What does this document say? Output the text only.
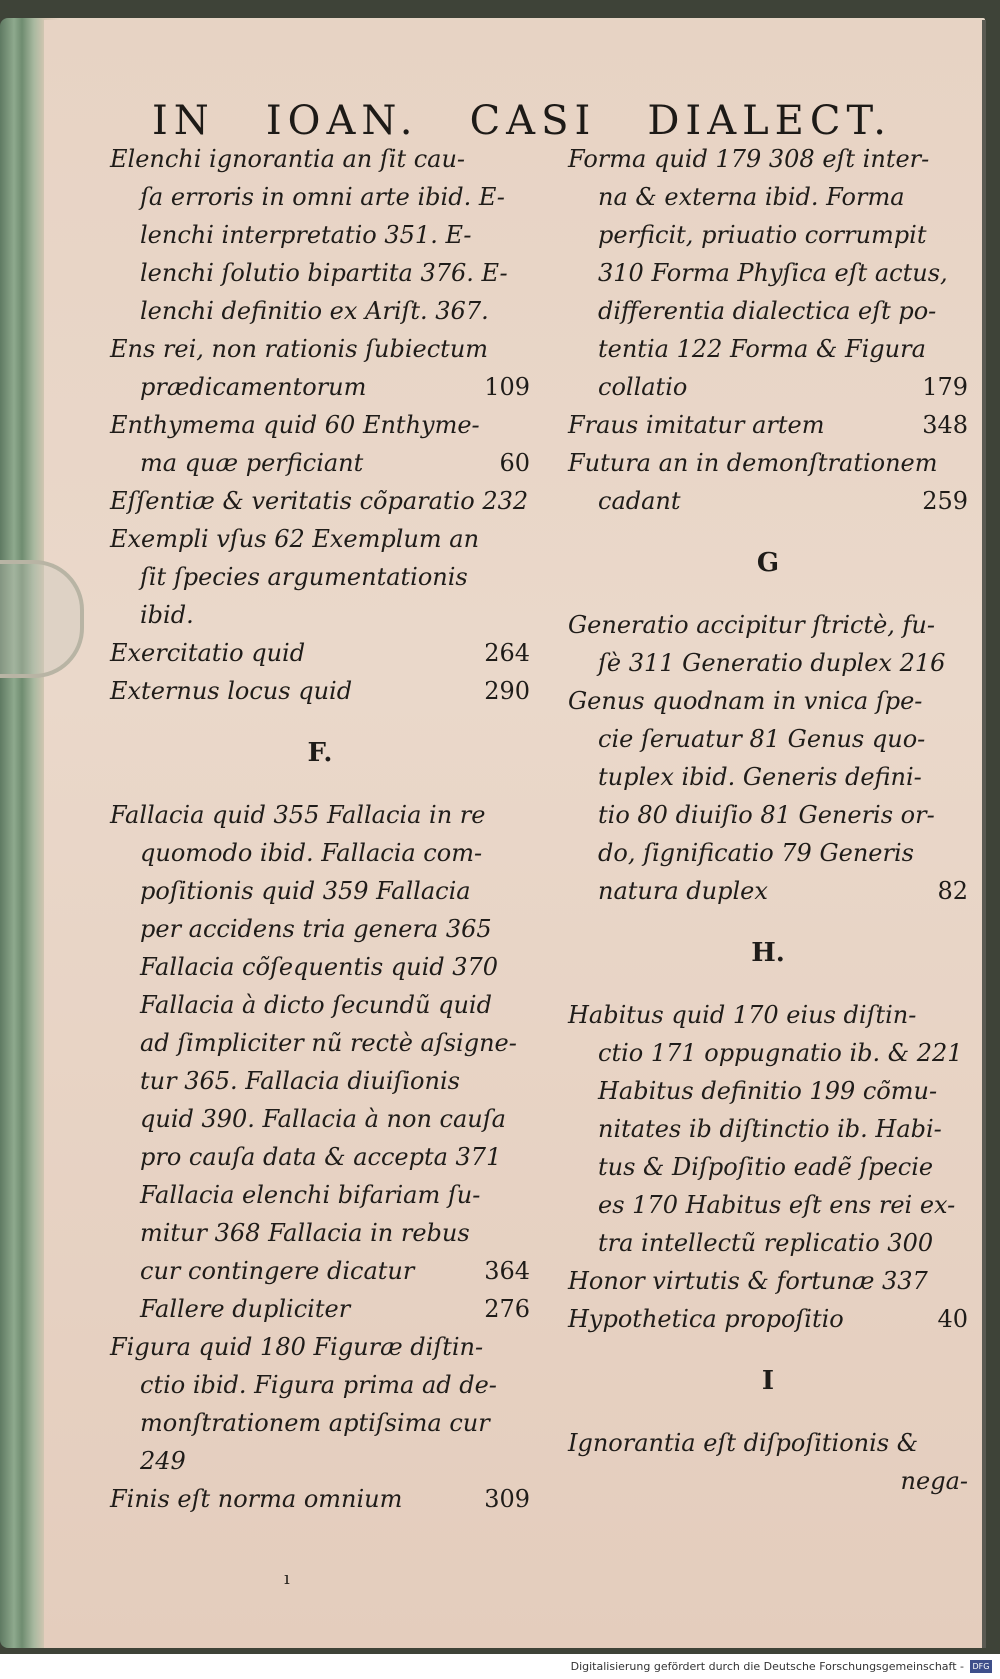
IN IOAN. CASI DIALECT.
Elenchi ignorantia an ſit cau-
ſa erroris in omni arte ibid. E-
lenchi interpretatio 351. E-
lenchi ſolutio bipartita 376. E-
lenchi definitio ex Ariſt. 367.
Ens rei, non rationis ſubiectum
prædicamentorum	109
Enthymema quid 60 Enthyme-
ma quæ perficiant	60
Eſſentiæ & veritatis cõparatio 232
Exempli vſus 62 Exemplum an
ſit ſpecies argumentationis
ibid.
Exercitatio quid	264
Externus locus quid	290
F.
Fallacia quid 355 Fallacia in re
quomodo ibid. Fallacia com-
poſitionis quid 359 Fallacia
per accidens tria genera 365
Fallacia cõſequentis quid 370
Fallacia à dicto ſecundũ quid
ad ſimpliciter nũ rectè aſsigne-
tur 365. Fallacia diuiſionis
quid 390. Fallacia à non cauſa
pro cauſa data & accepta 371
Fallacia elenchi bifariam ſu-
mitur 368 Fallacia in rebus
cur contingere dicatur	364
Fallere dupliciter	276
Figura quid 180 Figuræ diſtin-
ctio ibid. Figura prima ad de-
monſtrationem aptiſsima cur
249
Finis eſt norma omnium	309
Forma quid 179 308 eſt inter-
na & externa ibid. Forma
perficit, priuatio corrumpit
310 Forma Phyſica eſt actus,
differentia dialectica eſt po-
tentia 122 Forma & Figura
collatio	179
Fraus imitatur artem	348
Futura an in demonſtrationem
cadant	259
G
Generatio accipitur ſtrictè, fu-
ſè 311 Generatio duplex 216
Genus quodnam in vnica ſpe-
cie ſeruatur 81 Genus quo-
tuplex ibid. Generis defini-
tio 80 diuiſio 81 Generis or-
do, ſignificatio 79 Generis
natura duplex	82
H.
Habitus quid 170 eius diſtin-
ctio 171 oppugnatio ib. & 221
Habitus definitio 199 cõmu-
nitates ib diſtinctio ib. Habi-
tus & Diſpoſitio eadẽ ſpecie
es 170 Habitus eſt ens rei ex-
tra intellectũ replicatio 300
Honor virtutis & fortunæ 337
Hypothetica propoſitio	40
I
Ignorantia eſt diſpoſitionis &
nega-
ı
Digitalisierung gefördert durch die Deutsche Forschungsgemeinschaft -	DFG
